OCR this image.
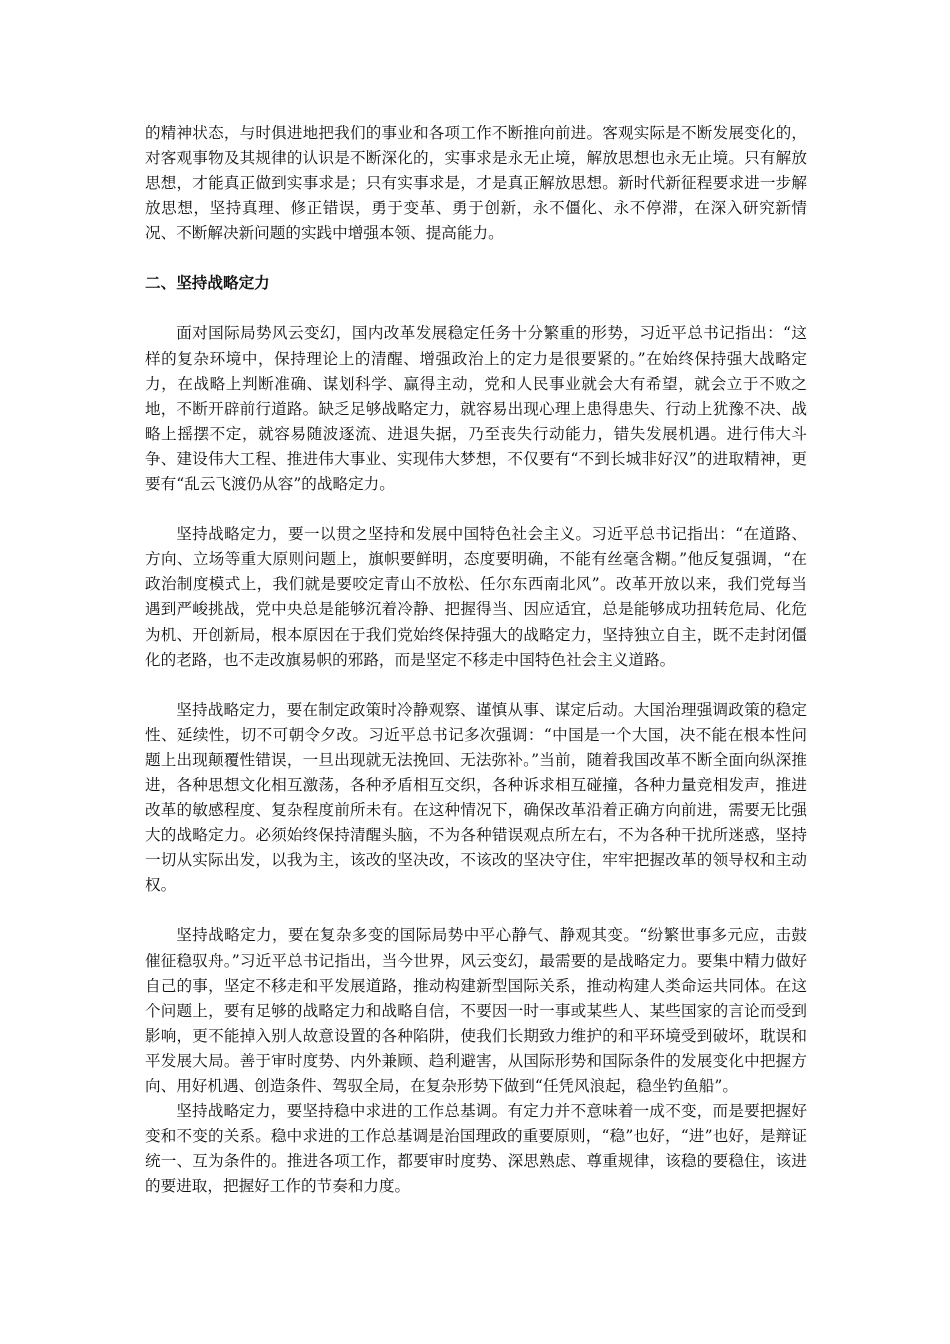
的精神状态，与时俱进地把我们的事业和各项工作不断推向前进。客观实际是不断发展变化的，对客观事物及其规律的认识是不断深化的，实事求是永无止境，解放思想也永无止境。只有解放思想，才能真正做到实事求是；只有实事求是，才是真正解放思想。新时代新征程要求进一步解放思想，坚持真理、修正错误，勇于变革、勇于创新，永不僵化、永不停滞，在深入研究新情况、不断解决新问题的实践中增强本领、提高能力。

二、坚持战略定力

面对国际局势风云变幻，国内改革发展稳定任务十分繁重的形势，习近平总书记指出：“这样的复杂环境中，保持理论上的清醒、增强政治上的定力是很要紧的。”在始终保持强大战略定力，在战略上判断准确、谋划科学、赢得主动，党和人民事业就会大有希望，就会立于不败之地，不断开辟前行道路。缺乏足够战略定力，就容易出现心理上患得患失、行动上犹豫不决、战略上摇摆不定，就容易随波逐流、进退失据，乃至丧失行动能力，错失发展机遇。进行伟大斗争、建设伟大工程、推进伟大事业、实现伟大梦想，不仅要有“不到长城非好汉”的进取精神，更要有“乱云飞渡仍从容”的战略定力。

坚持战略定力，要一以贯之坚持和发展中国特色社会主义。习近平总书记指出：“在道路、方向、立场等重大原则问题上，旗帜要鲜明，态度要明确，不能有丝毫含糊。”他反复强调，“在政治制度模式上，我们就是要咬定青山不放松、任尔东西南北风”。改革开放以来，我们党每当遇到严峻挑战，党中央总是能够沉着冷静、把握得当、因应适宜，总是能够成功扭转危局、化危为机、开创新局，根本原因在于我们党始终保持强大的战略定力，坚持独立自主，既不走封闭僵化的老路，也不走改旗易帜的邪路，而是坚定不移走中国特色社会主义道路。

坚持战略定力，要在制定政策时冷静观察、谨慎从事、谋定后动。大国治理强调政策的稳定性、延续性，切不可朝令夕改。习近平总书记多次强调：“中国是一个大国，决不能在根本性问题上出现颠覆性错误，一旦出现就无法挽回、无法弥补。”当前，随着我国改革不断全面向纵深推进，各种思想文化相互激荡，各种矛盾相互交织，各种诉求相互碰撞，各种力量竞相发声，推进改革的敏感程度、复杂程度前所未有。在这种情况下，确保改革沿着正确方向前进，需要无比强大的战略定力。必须始终保持清醒头脑，不为各种错误观点所左右，不为各种干扰所迷惑，坚持一切从实际出发，以我为主，该改的坚决改，不该改的坚决守住，牢牢把握改革的领导权和主动权。

坚持战略定力，要在复杂多变的国际局势中平心静气、静观其变。“纷繁世事多元应，击鼓催征稳驭舟。”习近平总书记指出，当今世界，风云变幻，最需要的是战略定力。要集中精力做好自己的事，坚定不移走和平发展道路，推动构建新型国际关系，推动构建人类命运共同体。在这个问题上，要有足够的战略定力和战略自信，不要因一时一事或某些人、某些国家的言论而受到影响，更不能掉入别人故意设置的各种陷阱，使我们长期致力维护的和平环境受到破坏，耽误和平发展大局。善于审时度势、内外兼顾、趋利避害，从国际形势和国际条件的发展变化中把握方向、用好机遇、创造条件、驾驭全局，在复杂形势下做到“任凭风浪起，稳坐钓鱼船”。

坚持战略定力，要坚持稳中求进的工作总基调。有定力并不意味着一成不变，而是要把握好变和不变的关系。稳中求进的工作总基调是治国理政的重要原则，“稳”也好，“进”也好，是辩证统一、互为条件的。推进各项工作，都要审时度势、深思熟虑、尊重规律，该稳的要稳住，该进的要进取，把握好工作的节奏和力度。
